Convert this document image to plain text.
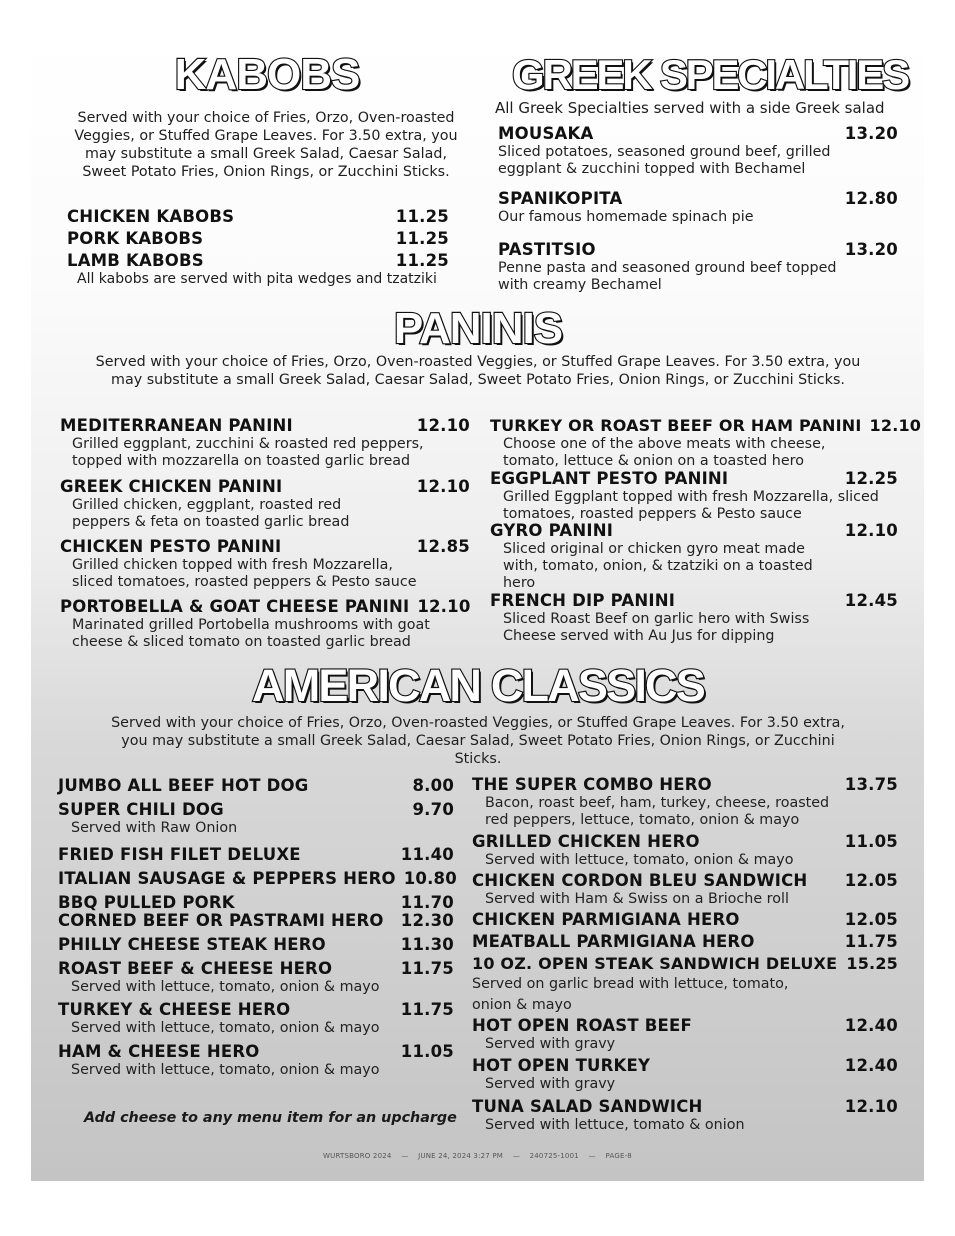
KABOBS
Served with your choice of Fries, Orzo, Oven-roasted Veggies, or Stuffed Grape Leaves. For 3.50 extra, you may substitute a small Greek Salad, Caesar Salad, Sweet Potato Fries, Onion Rings, or Zucchini Sticks.
CHICKEN KABOBS	11.25
PORK KABOBS	11.25
LAMB KABOBS	11.25
All kabobs are served with pita wedges and tzatziki
GREEK SPECIALTIES
All Greek Specialties served with a side Greek salad
MOUSAKA	13.20
Sliced potatoes, seasoned ground beef, grilled eggplant & zucchini topped with Bechamel
SPANIKOPITA	12.80
Our famous homemade spinach pie
PASTITSIO	13.20
Penne pasta and seasoned ground beef topped with creamy Bechamel
PANINIS
Served with your choice of Fries, Orzo, Oven-roasted Veggies, or Stuffed Grape Leaves. For 3.50 extra, you may substitute a small Greek Salad, Caesar Salad, Sweet Potato Fries, Onion Rings, or Zucchini Sticks.
MEDITERRANEAN PANINI	12.10
Grilled eggplant, zucchini & roasted red peppers, topped with mozzarella on toasted garlic bread
GREEK CHICKEN PANINI	12.10
Grilled chicken, eggplant, roasted red peppers & feta on toasted garlic bread
CHICKEN PESTO PANINI	12.85
Grilled chicken topped with fresh Mozzarella, sliced tomatoes, roasted peppers & Pesto sauce
PORTOBELLA & GOAT CHEESE PANINI 12.10
Marinated grilled Portobella mushrooms with goat cheese & sliced tomato on toasted garlic bread
TURKEY OR ROAST BEEF OR HAM PANINI 12.10
Choose one of the above meats with cheese, tomato, lettuce & onion on a toasted hero
EGGPLANT PESTO PANINI	12.25
Grilled Eggplant topped with fresh Mozzarella, sliced tomatoes, roasted peppers & Pesto sauce
GYRO PANINI	12.10
Sliced original or chicken gyro meat made with, tomato, onion, & tzatziki on a toasted hero
FRENCH DIP PANINI	12.45
Sliced Roast Beef on garlic hero with Swiss Cheese served with Au Jus for dipping
AMERICAN CLASSICS
Served with your choice of Fries, Orzo, Oven-roasted Veggies, or Stuffed Grape Leaves. For 3.50 extra, you may substitute a small Greek Salad, Caesar Salad, Sweet Potato Fries, Onion Rings, or Zucchini Sticks.
JUMBO ALL BEEF HOT DOG	8.00
SUPER CHILI DOG	9.70
Served with Raw Onion
FRIED FISH FILET DELUXE	11.40
ITALIAN SAUSAGE & PEPPERS HERO 10.80
BBQ PULLED PORK	11.70
CORNED BEEF OR PASTRAMI HERO	12.30
PHILLY CHEESE STEAK HERO	11.30
ROAST BEEF & CHEESE HERO	11.75
Served with lettuce, tomato, onion & mayo
TURKEY & CHEESE HERO	11.75
Served with lettuce, tomato, onion & mayo
HAM & CHEESE HERO	11.05
Served with lettuce, tomato, onion & mayo
Add cheese to any menu item for an upcharge
THE SUPER COMBO HERO	13.75
Bacon, roast beef, ham, turkey, cheese, roasted red peppers, lettuce, tomato, onion & mayo
GRILLED CHICKEN HERO	11.05
Served with lettuce, tomato, onion & mayo
CHICKEN CORDON BLEU SANDWICH	12.05
Served with Ham & Swiss on a Brioche roll
CHICKEN PARMIGIANA HERO	12.05
MEATBALL PARMIGIANA HERO	11.75
10 OZ. OPEN STEAK SANDWICH DELUXE 15.25
Served on garlic bread with lettuce, tomato, onion & mayo
HOT OPEN ROAST BEEF	12.40
Served with gravy
HOT OPEN TURKEY	12.40
Served with gravy
TUNA SALAD SANDWICH	12.10
Served with lettuce, tomato & onion
WURTSBORO 2024    —    JUNE 24, 2024 3:27 PM    —    240725-1001    —    PAGE-8
